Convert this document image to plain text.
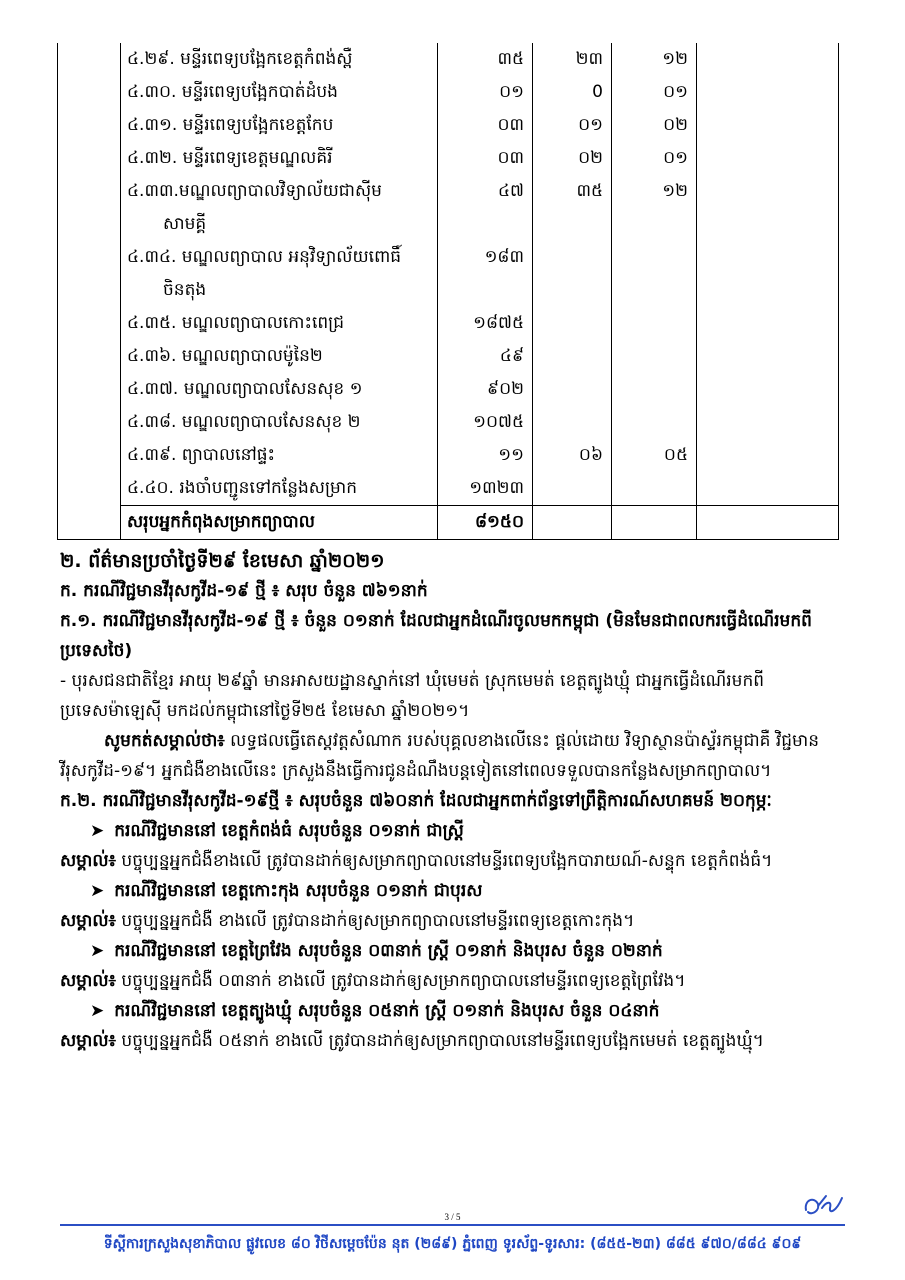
	៤.២៩. មន្ទីរពេទ្យបង្អែកខេត្តកំពង់ស្ពឺ	៣៥	២៣	១២	

	៤.៣០. មន្ទីរពេទ្យបង្អែកបាត់ដំបង	០១	0	០១	

	៤.៣១. មន្ទីរពេទ្យបង្អែកខេត្តកែប	០៣	០១	០២	

	៤.៣២. មន្ទីរពេទ្យខេត្តមណ្ឌលគិរី	០៣	០២	០១	

	៤.៣៣.មណ្ឌលព្យាបាលវិទ្យាល័យជាស៊ីម
សាមគ្គី	៤៧	៣៥	១២	

	៤.៣៤. មណ្ឌលព្យាបាល អនុវិទ្យាល័យពោធិ៍
ចិនតុង	១៨៣			

	៤.៣៥. មណ្ឌលព្យាបាលកោះពេជ្រ	១៨៧៥			

	៤.៣៦. មណ្ឌលព្យាបាលម៉ូនៃ២	៤៩			

	៤.៣៧. មណ្ឌលព្យាបាលសែនសុខ ១	៩០២			

	៤.៣៨. មណ្ឌលព្យាបាលសែនសុខ ២	១០៧៥			

	៤.៣៩. ព្យាបាលនៅផ្ទះ	១១	០៦	០៥	

	៤.៤០. រងចាំបញ្ជូនទៅកន្លែងសម្រាក	១៣២៣			
	សរុបអ្នកកំពុងសម្រាកព្យាបាល	៨១៥០			
២. ព័ត៌មានប្រចាំថ្ងៃទី២៩ ខែមេសា ឆ្នាំ២០២១
ក. ករណីវិជ្ជមានវីរុសកូវីដ-១៩ ថ្មី ៖ សរុប ចំនួន ៧៦១នាក់
ក.១. ករណីវិជ្ជមានវីរុសកូវីដ-១៩ ថ្មី ៖ ចំនួន ០១នាក់ ដែលជាអ្នកដំណើរចូលមកកម្ពុជា (មិនមែនជាពលករធ្វើដំណើរមកពីប្រទេសថៃ)
- បុរសជនជាតិខ្មែរ អាយុ ២៩ឆ្នាំ មានអាសយដ្ឋានស្នាក់នៅ ឃុំមេមត់ ស្រុកមេមត់ ខេត្តត្បូងឃ្មុំ ជាអ្នកធ្វើដំណើរមកពីប្រទេសម៉ាឡេស៊ី មកដល់កម្ពុជានៅថ្ងៃទី២៥ ខែមេសា ឆ្នាំ២០២១។
សូមកត់សម្គាល់ថា៖ លទ្ធផលធ្វើតេស្តវត្តសំណាក របស់បុគ្គលខាងលើនេះ ផ្តល់ដោយ វិទ្យាស្ថានប៉ាស្ទ័រកម្ពុជាគឺ វិជ្ជមានវីរុសកូវីដ-១៩។ អ្នកជំងឺខាងលើនេះ ក្រសួងនឹងធ្វើការជូនដំណឹងបន្តទៀតនៅពេលទទួលបានកន្លែងសម្រាកព្យាបាល។
ក.២. ករណីវិជ្ជមានវីរុសកូវីដ-១៩ថ្មី ៖ សរុបចំនួន ៧៦០នាក់ ដែលជាអ្នកពាក់ព័ន្ធទៅព្រឹត្តិការណ៍សហគមន៍ ២០កុម្ភៈ
➤ ករណីវិជ្ជមាននៅ ខេត្តកំពង់ធំ សរុបចំនួន ០១នាក់ ជាស្ត្រី
សម្គាល់៖ បច្ចុប្បន្នអ្នកជំងឺខាងលើ ត្រូវបានដាក់ឲ្យសម្រាកព្យាបាលនៅមន្ទីរពេទ្យបង្អែកបារាយណ៍-សន្ទុក ខេត្តកំពង់ធំ។
➤ ករណីវិជ្ជមាននៅ ខេត្តកោះកុង សរុបចំនួន ០១នាក់ ជាបុរស
សម្គាល់៖ បច្ចុប្បន្នអ្នកជំងឺ ខាងលើ ត្រូវបានដាក់ឲ្យសម្រាកព្យាបាលនៅមន្ទីរពេទ្យខេត្តកោះកុង។
➤ ករណីវិជ្ជមាននៅ ខេត្តព្រៃវែង សរុបចំនួន ០៣នាក់ ស្ត្រី ០១នាក់ និងបុរស ចំនួន ០២នាក់
សម្គាល់៖ បច្ចុប្បន្នអ្នកជំងឺ ០៣នាក់ ខាងលើ ត្រូវបានដាក់ឲ្យសម្រាកព្យាបាលនៅមន្ទីរពេទ្យខេត្តព្រៃវែង។
➤ ករណីវិជ្ជមាននៅ ខេត្តត្បូងឃ្មុំ សរុបចំនួន ០៥នាក់ ស្ត្រី ០១នាក់ និងបុរស ចំនួន ០៤នាក់
សម្គាល់៖ បច្ចុប្បន្នអ្នកជំងឺ ០៥នាក់ ខាងលើ ត្រូវបានដាក់ឲ្យសម្រាកព្យាបាលនៅមន្ទីរពេទ្យបង្អែកមេមត់ ខេត្តត្បូងឃ្មុំ។
3 / 5
ទីស្តីការក្រសួងសុខាភិបាល ផ្លូវលេខ ៨០ វិថីសម្តេចប៉ែន នុត (២៨៩) ភ្នំពេញ ទូរស័ព្ទ-ទូរសារ: (៨៥៥-២៣) ៨៨៥ ៩៧០/៨៨៤ ៩០៩
